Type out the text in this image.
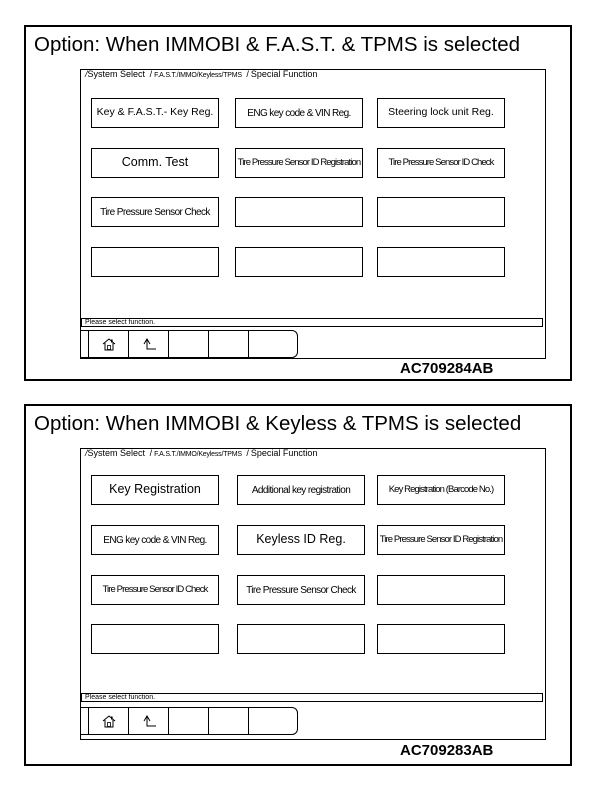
Option: When IMMOBI & F.A.S.T. & TPMS is selected
/System Select / F.A.S.T./IMMO/Keyless/TPMS / Special Function
Key & F.A.S.T.- Key Reg.	ENG key code & VIN Reg.	Steering lock unit Reg.
Comm. Test	Tire Pressure Sensor ID Registration	Tire Pressure Sensor ID Check
Tire Pressure Sensor Check
Please select function.
AC709284AB
Option: When IMMOBI & Keyless & TPMS is selected
/System Select / F.A.S.T./IMMO/Keyless/TPMS / Special Function
Key Registration	Additional key registration	Key Registration (Barcode No.)
ENG key code & VIN Reg.	Keyless ID Reg.	Tire Pressure Sensor ID Registration
Tire Pressure Sensor ID Check	Tire Pressure Sensor Check
Please select function.
AC709283AB
